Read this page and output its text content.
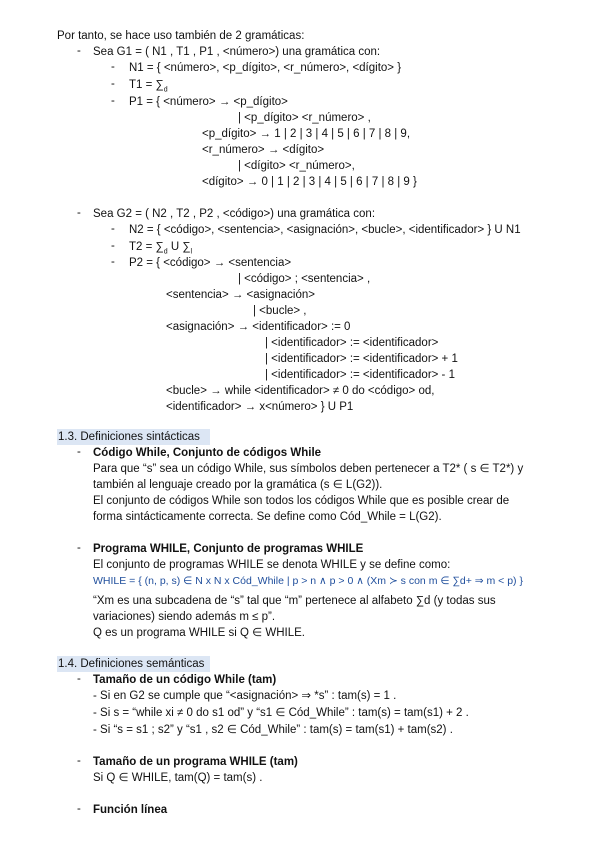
Por tanto, se hace uso también de 2 gramáticas:
- Sea G1 = ( N1 , T1 , P1 , <número>) una gramática con:
- N1 = { <número>, <p_dígito>, <r_número>, <dígito> }
- $T1 = \sum_d$
- P1 = { <número> → <p_dígito>
| <p_dígito> <r_número> ,
<p_dígito> → 1 | 2 | 3 | 4 | 5 | 6 | 7 | 8 | 9,
<r_número> → <dígito>
| <dígito> <r_número>,
<dígito> → 0 | 1 | 2 | 3 | 4 | 5 | 6 | 7 | 8 | 9 }
- Sea G2 = ( N2 , T2 , P2 , <código>) una gramática con:
- N2 = { <código>, <sentencia>, <asignación>, <bucle>, <identificador> } U N1
- $T2 = \sum_d$ U $\sum_l$
- P2 = { <código> → <sentencia>
| <código> ; <sentencia> ,
<sentencia> → <asignación>
| <bucle> ,
<asignación> → <identificador> := 0
| <identificador> := <identificador>
| <identificador> := <identificador> + 1
| <identificador> := <identificador> - 1
<bucle> → while <identificador> ≠ 0 do <código> od,
<identificador> → x<número> } U P1
1.3. Definiciones sintácticas
- Código While, Conjunto de códigos While
Para que “s” sea un código While, sus símbolos deben pertenecer a T2* ( s ∈ T2*) y
también al lenguaje creado por la gramática (s ∈ L(G2)).
El conjunto de códigos While son todos los códigos While que es posible crear de
forma sintácticamente correcta. Se define como Cód_While = L(G2).
- Programa WHILE, Conjunto de programas WHILE
El conjunto de programas WHILE se denota WHILE y se define como:
WHILE = { (n, p, s) ∈ N x N x Cód_While | p > n ∧ p > 0 ∧ (Xm ≻ s con m ∈ ∑d+ ⇒ m < p) }
“Xm es una subcadena de “s” tal que “m” pertenece al alfabeto ∑d (y todas sus
variaciones) siendo además m ≤ p”.
Q es un programa WHILE si Q ∈ WHILE.
1.4. Definiciones semánticas
- Tamaño de un código While (tam)
- Si en G2 se cumple que “<asignación> ⇒ *s” : tam(s) = 1 .
- Si s = “while xi ≠ 0 do s1 od” y “s1 ∈ Cód_While” : tam(s) = tam(s1) + 2 .
- Si “s = s1 ; s2” y “s1 , s2 ∈ Cód_While” : tam(s) = tam(s1) + tam(s2) .
- Tamaño de un programa WHILE (tam)
Si Q ∈ WHILE, tam(Q) = tam(s) .
- Función línea
